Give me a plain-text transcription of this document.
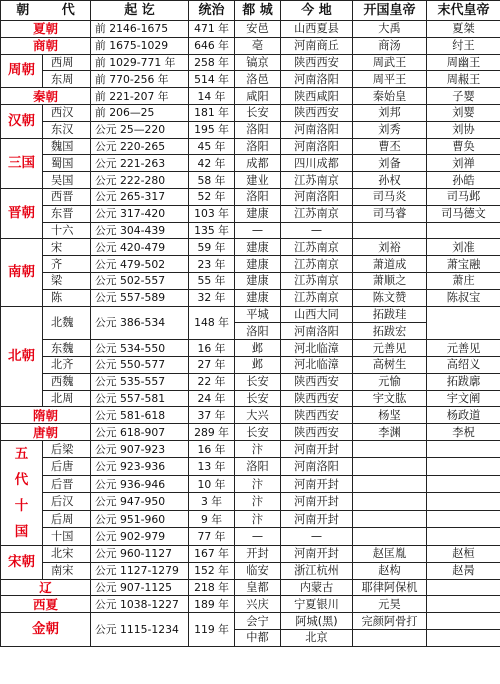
朝 代		起 讫	统治	都 城	今 地	开国皇帝	末代皇帝
夏朝		前 2146-1675	471 年	安邑	山西夏县	大禹	夏桀
商朝		前 1675-1029	646 年	亳	河南商丘	商汤	纣王
周朝	西周	前 1029-771 年	258 年	镐京	陕西西安	周武王	周幽王
	东周	前 770-256 年	514 年	洛邑	河南洛阳	周平王	周赧王
秦朝		前 221-207 年	14 年	咸阳	陕西咸阳	秦始皇	子婴
汉朝	西汉	前 206—25	181 年	长安	陕西西安	刘邦	刘婴
	东汉	公元 25—220	195 年	洛阳	河南洛阳	刘秀	刘协
三国	魏国	公元 220-265	45 年	洛阳	河南洛阳	曹丕	曹奂
	蜀国	公元 221-263	42 年	成都	四川成都	刘备	刘禅
	吴国	公元 222-280	58 年	建业	江苏南京	孙权	孙皓
晋朝	西晋	公元 265-317	52 年	洛阳	河南洛阳	司马炎	司马邺
	东晋	公元 317-420	103 年	建康	江苏南京	司马睿	司马德文
	十六	公元 304-439	135 年	—	—		
南朝	宋	公元 420-479	59 年	建康	江苏南京	刘裕	刘准
	齐	公元 479-502	23 年	建康	江苏南京	萧道成	萧宝融
	梁	公元 502-557	55 年	建康	江苏南京	萧顺之	萧庄
	陈	公元 557-589	32 年	建康	江苏南京	陈文赞	陈叔宝
北朝	北魏	公元 386-534	148 年	平城	山西大同	拓跋珪	
				洛阳	河南洛阳	拓跋宏	
	东魏	公元 534-550	16 年	邺	河北临漳	元善见	元善见
	北齐	公元 550-577	27 年	邺	河北临漳	高树生	高绍义
	西魏	公元 535-557	22 年	长安	陕西西安	元愉	拓跋廓
	北周	公元 557-581	24 年	长安	陕西西安	宇文肱	宇文阐
隋朝		公元 581-618	37 年	大兴	陕西西安	杨坚	杨政道
唐朝		公元 618-907	289 年	长安	陕西西安	李渊	李柷
五代十国	后梁	公元 907-923	16 年	汴	河南开封		
	后唐	公元 923-936	13 年	洛阳	河南洛阳		
	后晋	公元 936-946	10 年	汴	河南开封		
	后汉	公元 947-950	3 年	汴	河南开封		
	后周	公元 951-960	9 年	汴	河南开封		
	十国	公元 902-979	77 年	—	—		
宋朝	北宋	公元 960-1127	167 年	开封	河南开封	赵匡胤	赵桓
	南宋	公元 1127-1279	152 年	临安	浙江杭州	赵构	赵昺
辽		公元 907-1125	218 年	皇都	内蒙古	耶律阿保机	
西夏		公元 1038-1227	189 年	兴庆	宁夏银川	元昊	
金朝		公元 1115-1234	119 年	会宁	阿城(黑)	完颜阿骨打	
				中都	北京		
